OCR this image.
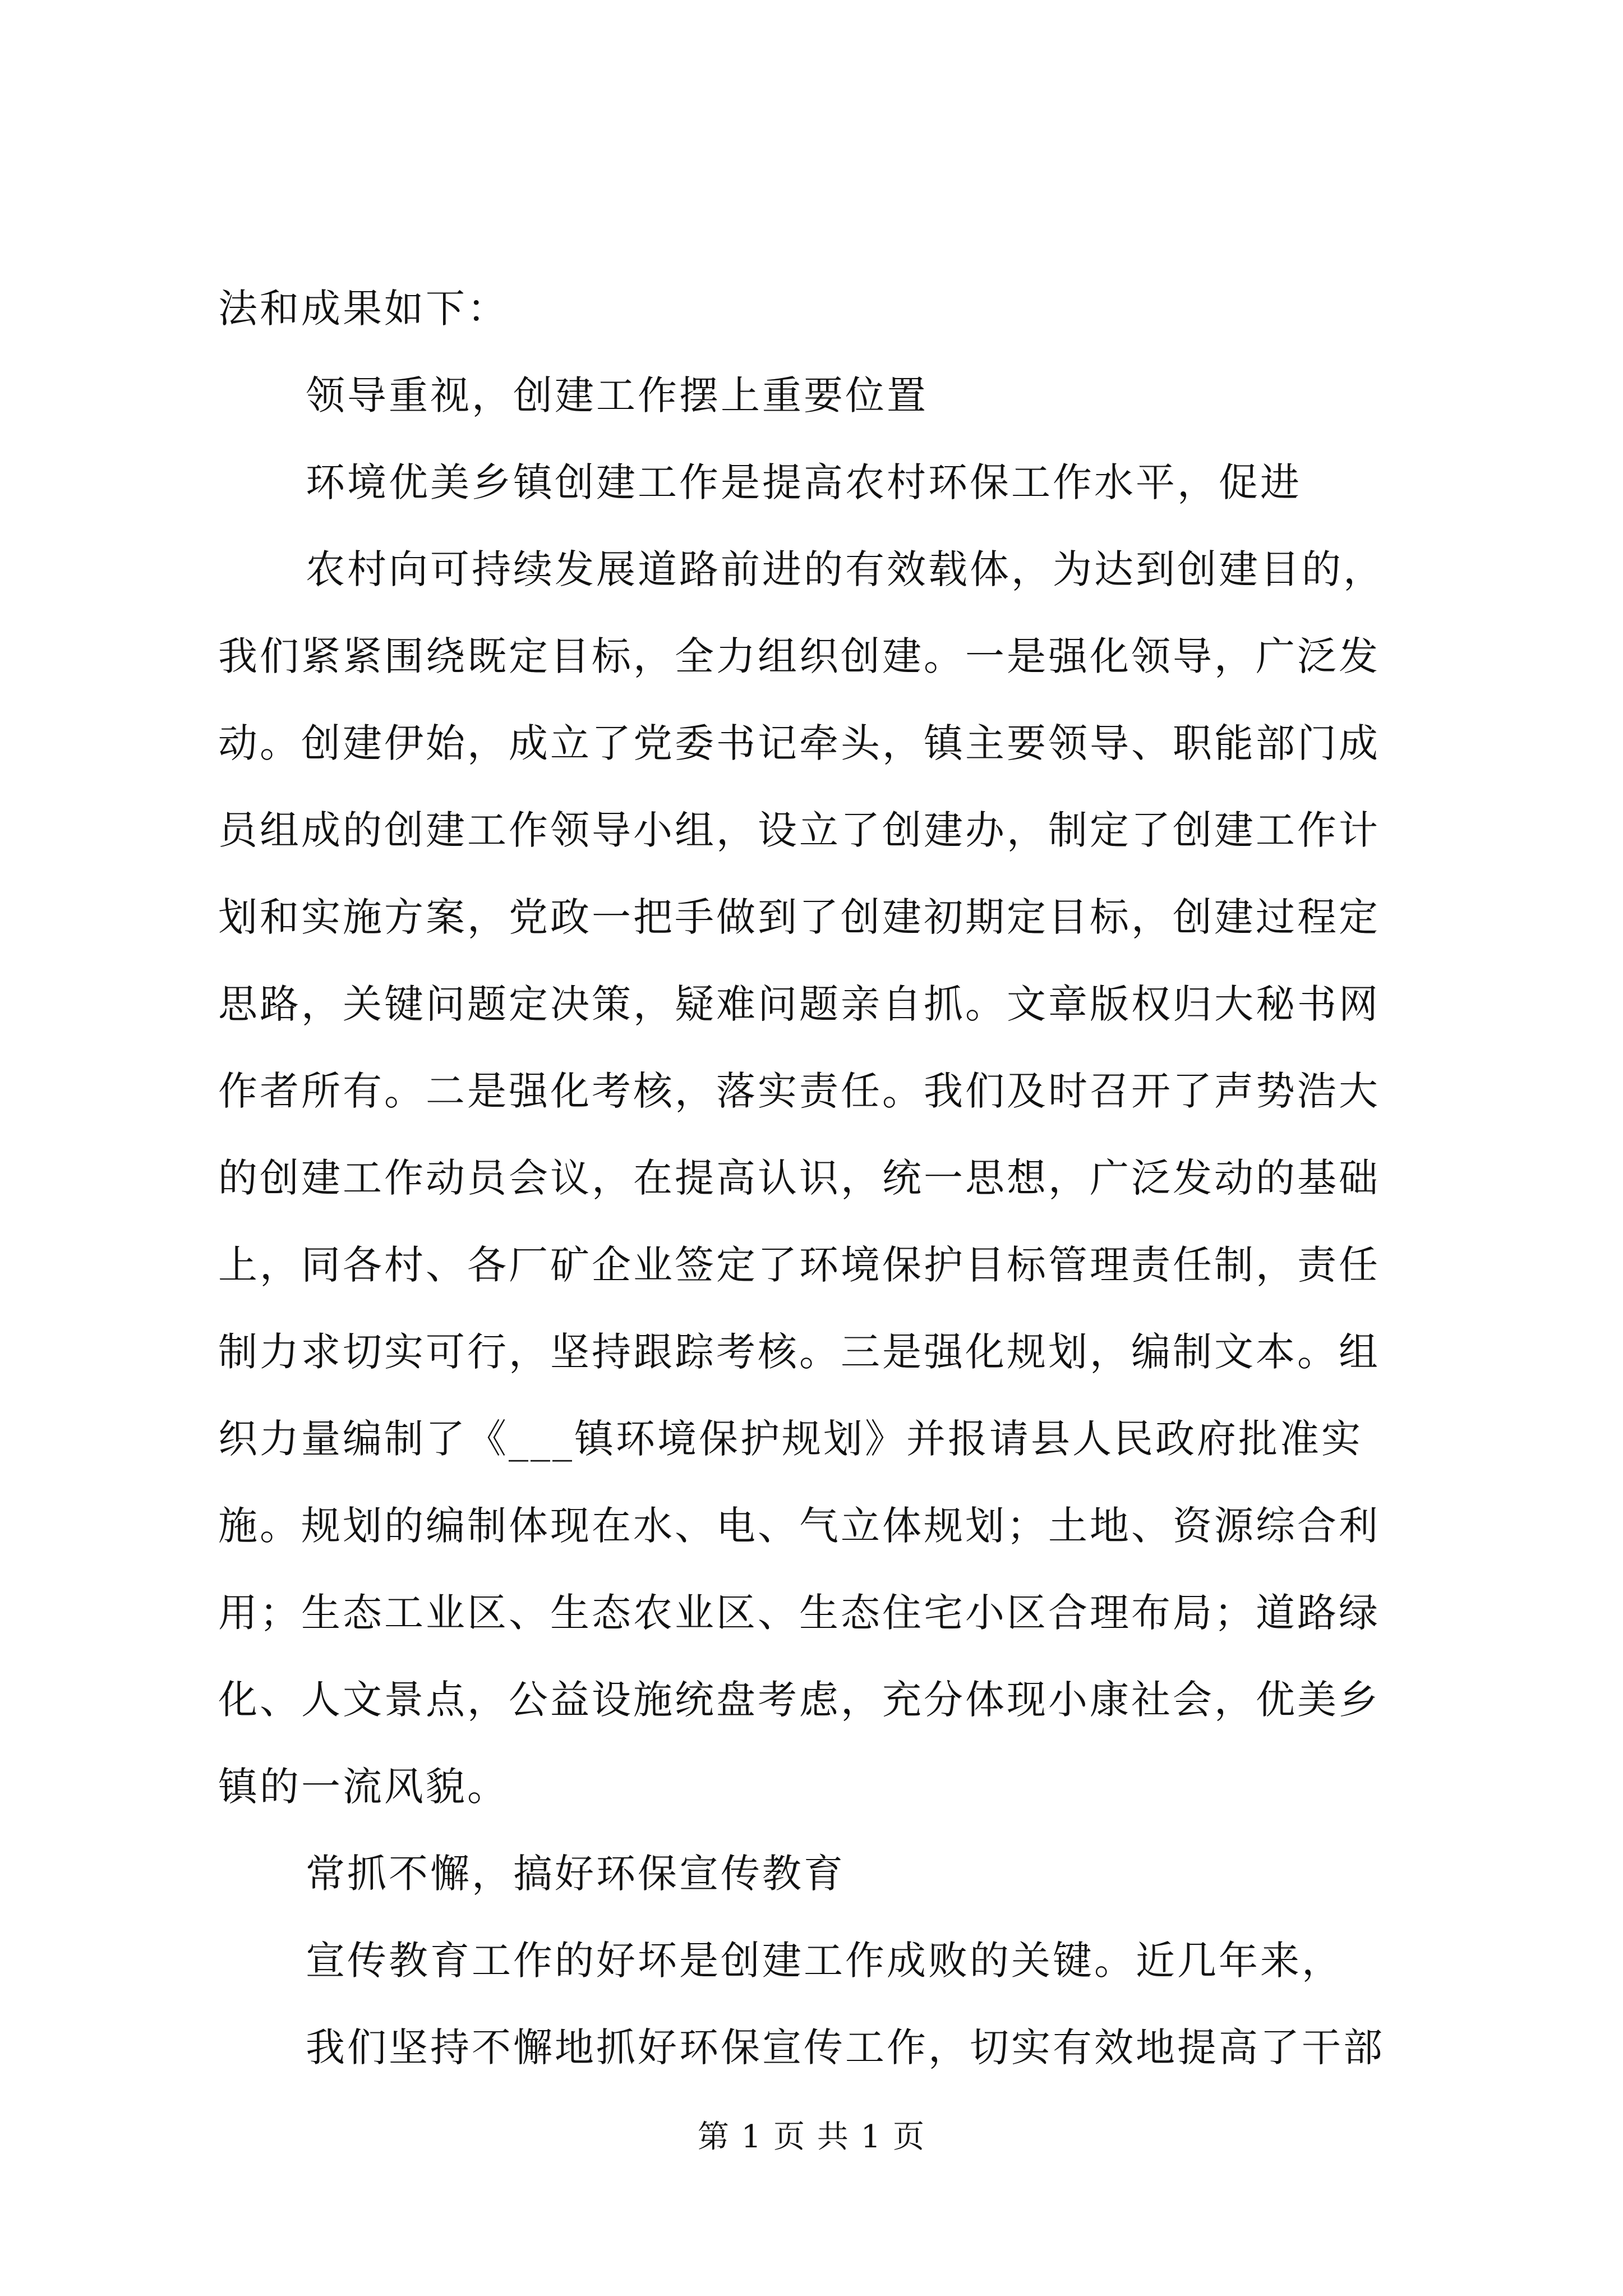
法和成果如下：
领导重视，创建工作摆上重要位置
环境优美乡镇创建工作是提高农村环保工作水平，促进
农村向可持续发展道路前进的有效载体，为达到创建目的，
我们紧紧围绕既定目标，全力组织创建。一是强化领导，广泛发
动。创建伊始，成立了党委书记牵头，镇主要领导、职能部门成
员组成的创建工作领导小组，设立了创建办，制定了创建工作计
划和实施方案，党政一把手做到了创建初期定目标，创建过程定
思路，关键问题定决策，疑难问题亲自抓。文章版权归大秘书网
作者所有。二是强化考核，落实责任。我们及时召开了声势浩大
的创建工作动员会议，在提高认识，统一思想，广泛发动的基础
上，同各村、各厂矿企业签定了环境保护目标管理责任制，责任
制力求切实可行，坚持跟踪考核。三是强化规划，编制文本。组
织力量编制了《___镇环境保护规划》并报请县人民政府批准实
施。规划的编制体现在水、电、气立体规划；土地、资源综合利
用；生态工业区、生态农业区、生态住宅小区合理布局；道路绿
化、人文景点，公益设施统盘考虑，充分体现小康社会，优美乡
镇的一流风貌。
常抓不懈，搞好环保宣传教育
宣传教育工作的好坏是创建工作成败的关键。近几年来，
我们坚持不懈地抓好环保宣传工作，切实有效地提高了干部
第 1 页 共 1 页
